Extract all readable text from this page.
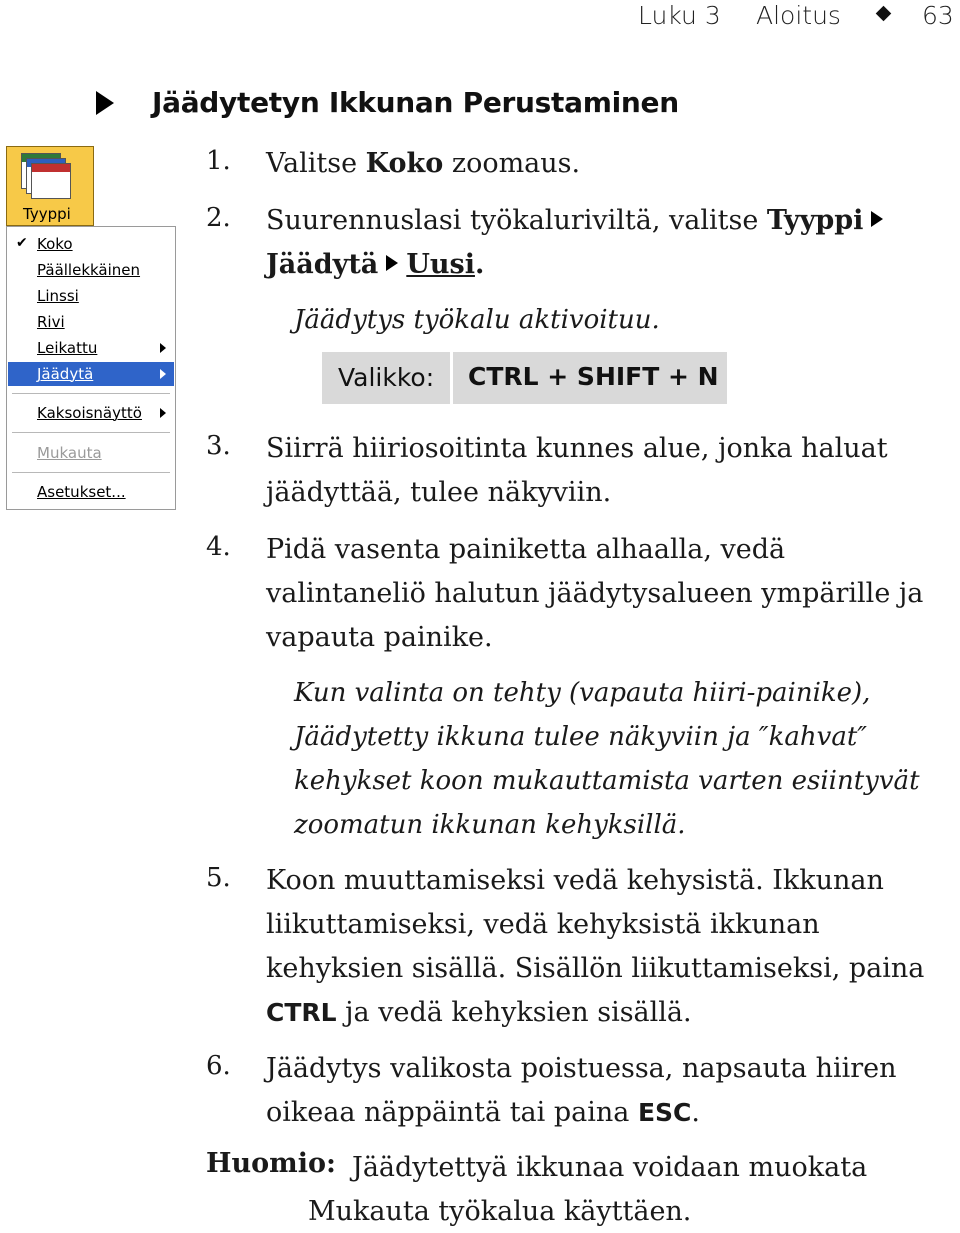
Luku 3 Aloitus	63
Jäädytetyn Ikkunan Perustaminen
Tyyppi
✔ Koko
Päällekkäinen
Linssi
Rivi
Leikattu
Jäädytä
Kaksoisnäyttö
Mukauta
Asetukset...
1. Valitse Koko zoomaus.
2. Suurennuslasi työkaluriviltä, valitse Tyyppi
Jäädytä Uusi.
Jäädytys työkalu aktivoituu.
Valikko: CTRL + SHIFT + N
3. Siirrä hiiriosoitinta kunnes alue, jonka haluat
jäädyttää, tulee näkyviin.
4. Pidä vasenta painiketta alhaalla, vedä
valintaneliö halutun jäädytysalueen ympärille ja
vapauta painike.
Kun valinta on tehty (vapauta hiiri-painike),
Jäädytetty ikkuna tulee näkyviin ja ″kahvat″
kehykset koon mukauttamista varten esiintyvät
zoomatun ikkunan kehyksillä.
5. Koon muuttamiseksi vedä kehysistä. Ikkunan
liikuttamiseksi, vedä kehyksistä ikkunan
kehyksien sisällä. Sisällön liikuttamiseksi, paina
CTRL ja vedä kehyksien sisällä.
6. Jäädytys valikosta poistuessa, napsauta hiiren
oikeaa näppäintä tai paina ESC.
Huomio: Jäädytettyä ikkunaa voidaan muokata
Mukauta työkalua käyttäen.
